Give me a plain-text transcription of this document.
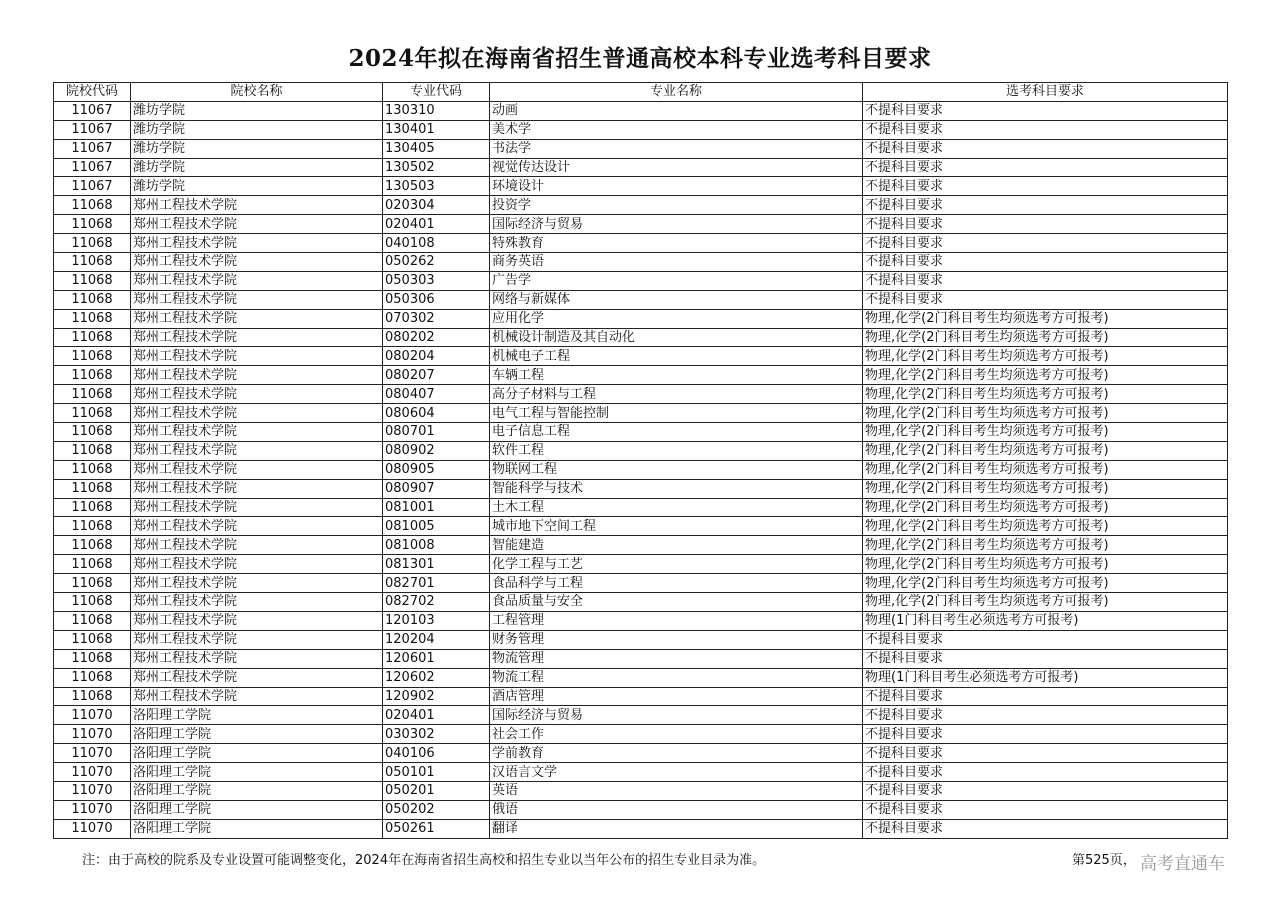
2024年拟在海南省招生普通高校本科专业选考科目要求
院校代码	院校名称	专业代码	专业名称	选考科目要求
11067	潍坊学院	130310	动画	不提科目要求
11067	潍坊学院	130401	美术学	不提科目要求
11067	潍坊学院	130405	书法学	不提科目要求
11067	潍坊学院	130502	视觉传达设计	不提科目要求
11067	潍坊学院	130503	环境设计	不提科目要求
11068	郑州工程技术学院	020304	投资学	不提科目要求
11068	郑州工程技术学院	020401	国际经济与贸易	不提科目要求
11068	郑州工程技术学院	040108	特殊教育	不提科目要求
11068	郑州工程技术学院	050262	商务英语	不提科目要求
11068	郑州工程技术学院	050303	广告学	不提科目要求
11068	郑州工程技术学院	050306	网络与新媒体	不提科目要求
11068	郑州工程技术学院	070302	应用化学	物理,化学(2门科目考生均须选考方可报考)
11068	郑州工程技术学院	080202	机械设计制造及其自动化	物理,化学(2门科目考生均须选考方可报考)
11068	郑州工程技术学院	080204	机械电子工程	物理,化学(2门科目考生均须选考方可报考)
11068	郑州工程技术学院	080207	车辆工程	物理,化学(2门科目考生均须选考方可报考)
11068	郑州工程技术学院	080407	高分子材料与工程	物理,化学(2门科目考生均须选考方可报考)
11068	郑州工程技术学院	080604	电气工程与智能控制	物理,化学(2门科目考生均须选考方可报考)
11068	郑州工程技术学院	080701	电子信息工程	物理,化学(2门科目考生均须选考方可报考)
11068	郑州工程技术学院	080902	软件工程	物理,化学(2门科目考生均须选考方可报考)
11068	郑州工程技术学院	080905	物联网工程	物理,化学(2门科目考生均须选考方可报考)
11068	郑州工程技术学院	080907	智能科学与技术	物理,化学(2门科目考生均须选考方可报考)
11068	郑州工程技术学院	081001	土木工程	物理,化学(2门科目考生均须选考方可报考)
11068	郑州工程技术学院	081005	城市地下空间工程	物理,化学(2门科目考生均须选考方可报考)
11068	郑州工程技术学院	081008	智能建造	物理,化学(2门科目考生均须选考方可报考)
11068	郑州工程技术学院	081301	化学工程与工艺	物理,化学(2门科目考生均须选考方可报考)
11068	郑州工程技术学院	082701	食品科学与工程	物理,化学(2门科目考生均须选考方可报考)
11068	郑州工程技术学院	082702	食品质量与安全	物理,化学(2门科目考生均须选考方可报考)
11068	郑州工程技术学院	120103	工程管理	物理(1门科目考生必须选考方可报考)
11068	郑州工程技术学院	120204	财务管理	不提科目要求
11068	郑州工程技术学院	120601	物流管理	不提科目要求
11068	郑州工程技术学院	120602	物流工程	物理(1门科目考生必须选考方可报考)
11068	郑州工程技术学院	120902	酒店管理	不提科目要求
11070	洛阳理工学院	020401	国际经济与贸易	不提科目要求
11070	洛阳理工学院	030302	社会工作	不提科目要求
11070	洛阳理工学院	040106	学前教育	不提科目要求
11070	洛阳理工学院	050101	汉语言文学	不提科目要求
11070	洛阳理工学院	050201	英语	不提科目要求
11070	洛阳理工学院	050202	俄语	不提科目要求
11070	洛阳理工学院	050261	翻译	不提科目要求
注：由于高校的院系及专业设置可能调整变化，2024年在海南省招生高校和招生专业以当年公布的招生专业目录为准。	第525页， 高考直通车
